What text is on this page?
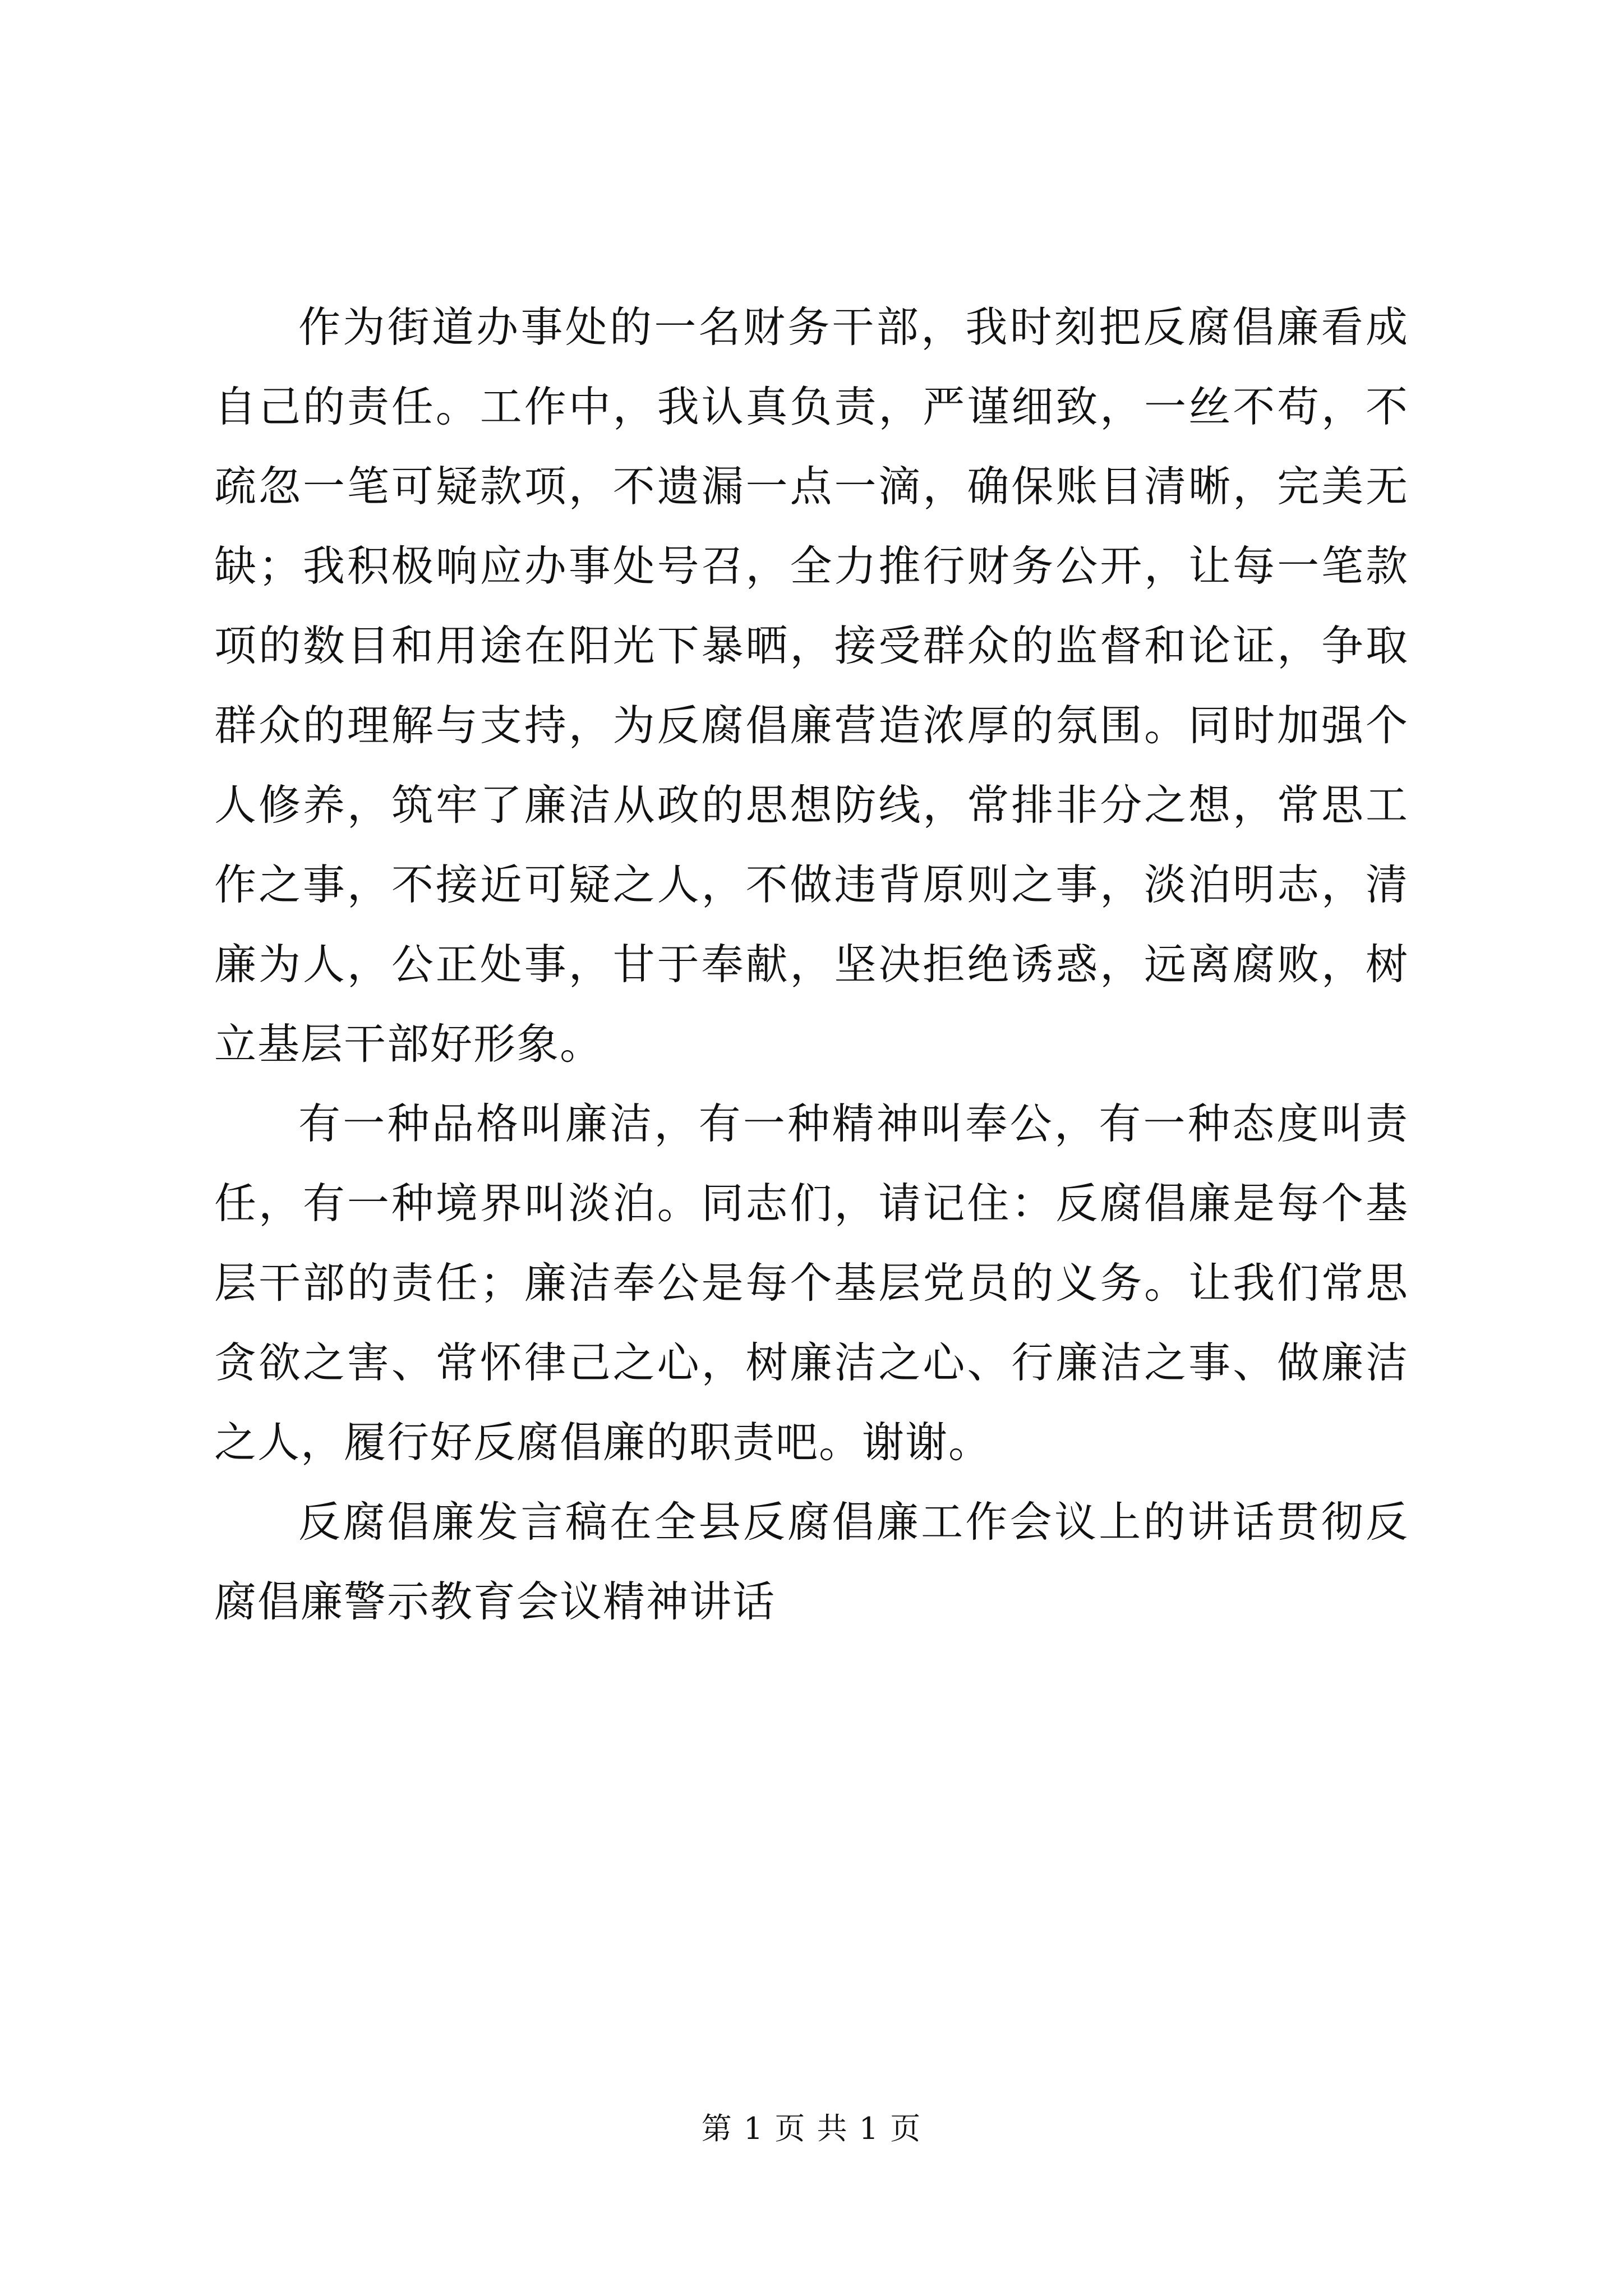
作为街道办事处的一名财务干部，我时刻把反腐倡廉看成自己的责任。工作中，我认真负责，严谨细致，一丝不苟，不疏忽一笔可疑款项，不遗漏一点一滴，确保账目清晰，完美无缺；我积极响应办事处号召，全力推行财务公开，让每一笔款项的数目和用途在阳光下暴晒，接受群众的监督和论证，争取群众的理解与支持，为反腐倡廉营造浓厚的氛围。同时加强个人修养，筑牢了廉洁从政的思想防线，常排非分之想，常思工作之事，不接近可疑之人，不做违背原则之事，淡泊明志，清廉为人，公正处事，甘于奉献，坚决拒绝诱惑，远离腐败，树立基层干部好形象。

有一种品格叫廉洁，有一种精神叫奉公，有一种态度叫责任，有一种境界叫淡泊。同志们，请记住：反腐倡廉是每个基层干部的责任；廉洁奉公是每个基层党员的义务。让我们常思贪欲之害、常怀律己之心，树廉洁之心、行廉洁之事、做廉洁之人，履行好反腐倡廉的职责吧。谢谢。

反腐倡廉发言稿在全县反腐倡廉工作会议上的讲话贯彻反腐倡廉警示教育会议精神讲话

第 1 页 共 1 页
